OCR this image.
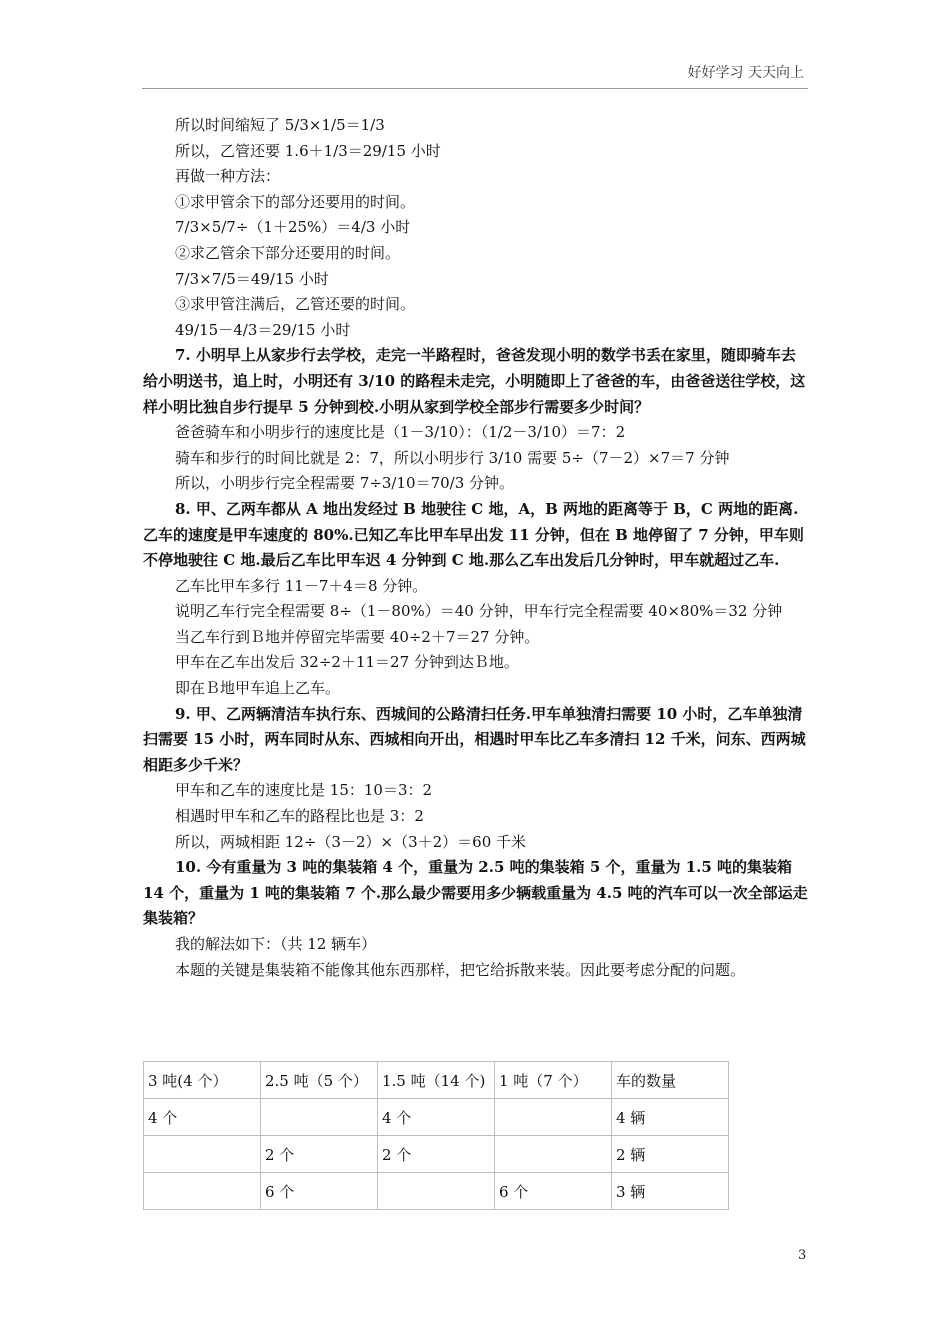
好好学习 天天向上

所以时间缩短了 5/3×1/5＝1/3

所以，乙管还要 1.6＋1/3＝29/15 小时

再做一种方法：

①求甲管余下的部分还要用的时间。

7/3×5/7÷（1＋25%）＝4/3 小时

②求乙管余下部分还要用的时间。

7/3×7/5＝49/15 小时

③求甲管注满后，乙管还要的时间。

49/15－4/3＝29/15 小时

7. 小明早上从家步行去学校，走完一半路程时，爸爸发现小明的数学书丢在家里，随即骑车去给小明送书，追上时，小明还有 3/10 的路程未走完，小明随即上了爸爸的车，由爸爸送往学校，这样小明比独自步行提早 5 分钟到校.小明从家到学校全部步行需要多少时间？

爸爸骑车和小明步行的速度比是（1－3/10）：（1/2－3/10）＝7：2

骑车和步行的时间比就是 2：7，所以小明步行 3/10 需要 5÷（7－2）×7＝7 分钟

所以，小明步行完全程需要 7÷3/10＝70/3 分钟。

8. 甲、乙两车都从 A 地出发经过 B 地驶往 C 地，A，B 两地的距离等于 B，C 两地的距离.乙车的速度是甲车速度的 80%.已知乙车比甲车早出发 11 分钟，但在 B 地停留了 7 分钟，甲车则不停地驶往 C 地.最后乙车比甲车迟 4 分钟到 C 地.那么乙车出发后几分钟时，甲车就超过乙车.

乙车比甲车多行 11－7＋4＝8 分钟。

说明乙车行完全程需要 8÷（1－80%）＝40 分钟，甲车行完全程需要 40×80%＝32 分钟

当乙车行到Ｂ地并停留完毕需要 40÷2＋7＝27 分钟。

甲车在乙车出发后 32÷2＋11＝27 分钟到达Ｂ地。

即在Ｂ地甲车追上乙车。

9. 甲、乙两辆清洁车执行东、西城间的公路清扫任务.甲车单独清扫需要 10 小时，乙车单独清扫需要 15 小时，两车同时从东、西城相向开出，相遇时甲车比乙车多清扫 12 千米，问东、西两城相距多少千米？

甲车和乙车的速度比是 15：10＝3：2

相遇时甲车和乙车的路程比也是 3：2

所以，两城相距 12÷（3－2）×（3＋2）＝60 千米

10. 今有重量为 3 吨的集装箱 4 个，重量为 2.5 吨的集装箱 5 个，重量为 1.5 吨的集装箱 14 个，重量为 1 吨的集装箱 7 个.那么最少需要用多少辆载重量为 4.5 吨的汽车可以一次全部运走集装箱？

我的解法如下：（共 12 辆车）

本题的关键是集装箱不能像其他东西那样，把它给拆散来装。因此要考虑分配的问题。

3 吨(4 个）	2.5 吨（5 个）	1.5 吨（14 个)	1 吨（7 个）	车的数量
4 个		4 个		4 辆
	2 个	2 个		2 辆
	6 个		6 个	3 辆
3
